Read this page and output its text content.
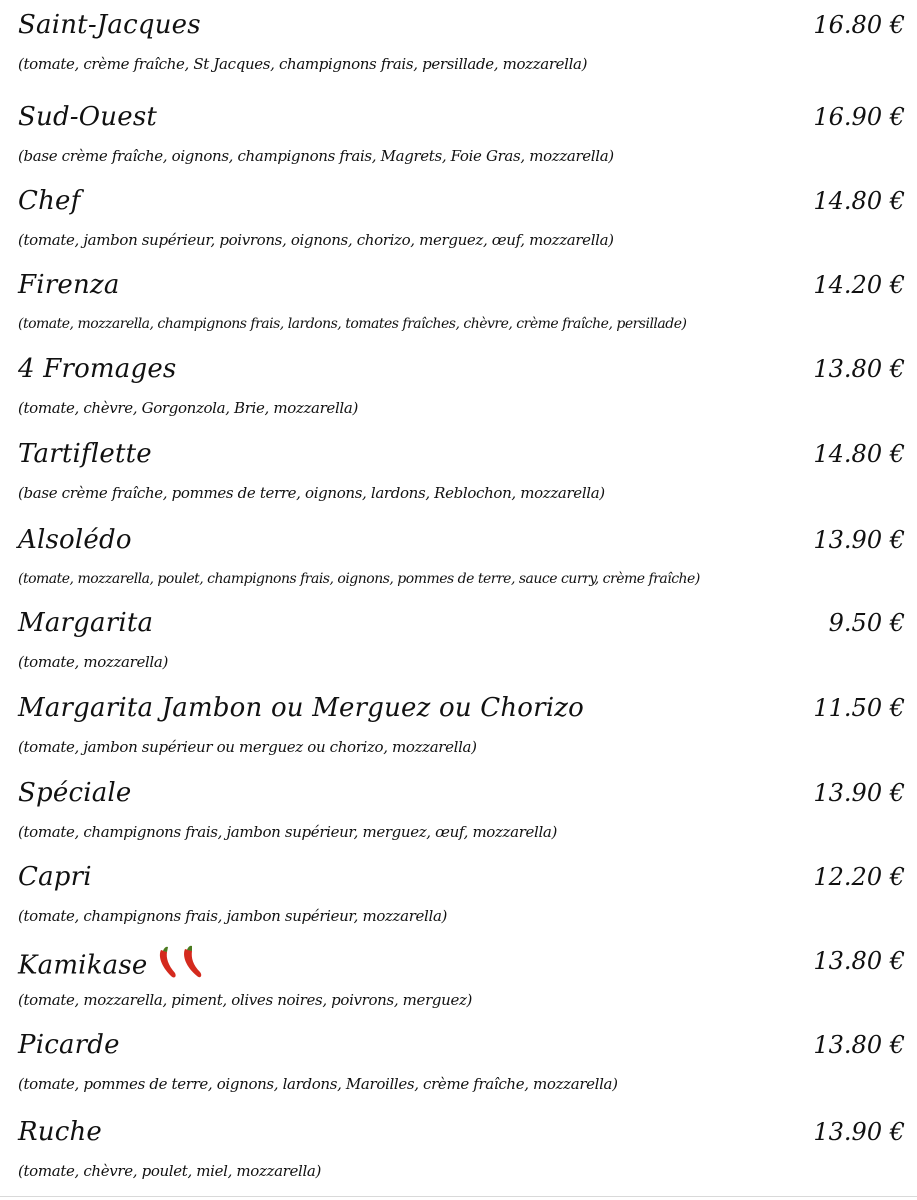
Saint-Jacques	16.80 €
(tomate, crème fraîche, St Jacques, champignons frais, persillade, mozzarella)
Sud-Ouest	16.90 €
(base crème fraîche, oignons, champignons frais, Magrets, Foie Gras, mozzarella)
Chef	14.80 €
(tomate, jambon supérieur, poivrons, oignons, chorizo, merguez, œuf, mozzarella)
Firenza	14.20 €
(tomate, mozzarella, champignons frais, lardons, tomates fraîches, chèvre, crème fraîche, persillade)
4 Fromages	13.80 €
(tomate, chèvre, Gorgonzola, Brie, mozzarella)
Tartiflette	14.80 €
(base crème fraîche, pommes de terre, oignons, lardons, Reblochon, mozzarella)
Alsolédo	13.90 €
(tomate, mozzarella, poulet, champignons frais, oignons, pommes de terre, sauce curry, crème fraîche)
Margarita	9.50 €
(tomate, mozzarella)
Margarita Jambon ou Merguez ou Chorizo	11.50 €
(tomate, jambon supérieur ou merguez ou chorizo, mozzarella)
Spéciale	13.90 €
(tomate, champignons frais, jambon supérieur, merguez, œuf, mozzarella)
Capri	12.20 €
(tomate, champignons frais, jambon supérieur, mozzarella)
Kamikase	13.80 €
(tomate, mozzarella, piment, olives noires, poivrons, merguez)
Picarde	13.80 €
(tomate, pommes de terre, oignons, lardons, Maroilles, crème fraîche, mozzarella)
Ruche	13.90 €
(tomate, chèvre, poulet, miel, mozzarella)
